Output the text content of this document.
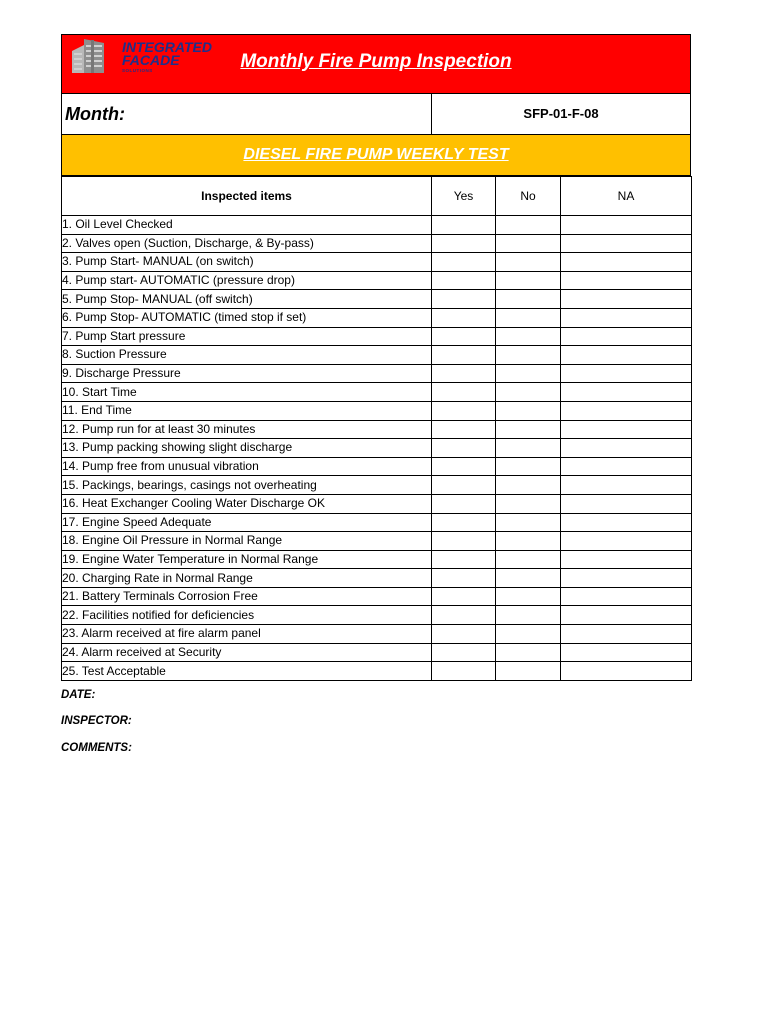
INTEGRATED
FACADE
SOLUTIONS	Monthly Fire Pump Inspection
Month:	SFP-01-F-08
DIESEL FIRE PUMP WEEKLY TEST
Inspected items	Yes	No	NA
1. Oil Level Checked			
2. Valves open (Suction, Discharge, & By-pass)			
3. Pump Start- MANUAL (on switch)			
4. Pump start- AUTOMATIC (pressure drop)			
5. Pump Stop- MANUAL (off switch)			
6. Pump Stop- AUTOMATIC (timed stop if set)			
7. Pump Start pressure			
8. Suction Pressure			
9. Discharge Pressure			
10. Start Time			
11. End Time			
12. Pump run for at least 30 minutes			
13. Pump packing showing slight discharge			
14. Pump free from unusual vibration			
15. Packings, bearings, casings not overheating			
16. Heat Exchanger Cooling Water Discharge OK			
17. Engine Speed Adequate			
18. Engine Oil Pressure in Normal Range			
19. Engine Water Temperature in Normal Range			
20. Charging Rate in Normal Range			
21. Battery Terminals Corrosion Free			
22. Facilities notified for deficiencies			
23. Alarm received at fire alarm panel			
24. Alarm received at Security			
25. Test Acceptable			
DATE:
INSPECTOR:
COMMENTS:
